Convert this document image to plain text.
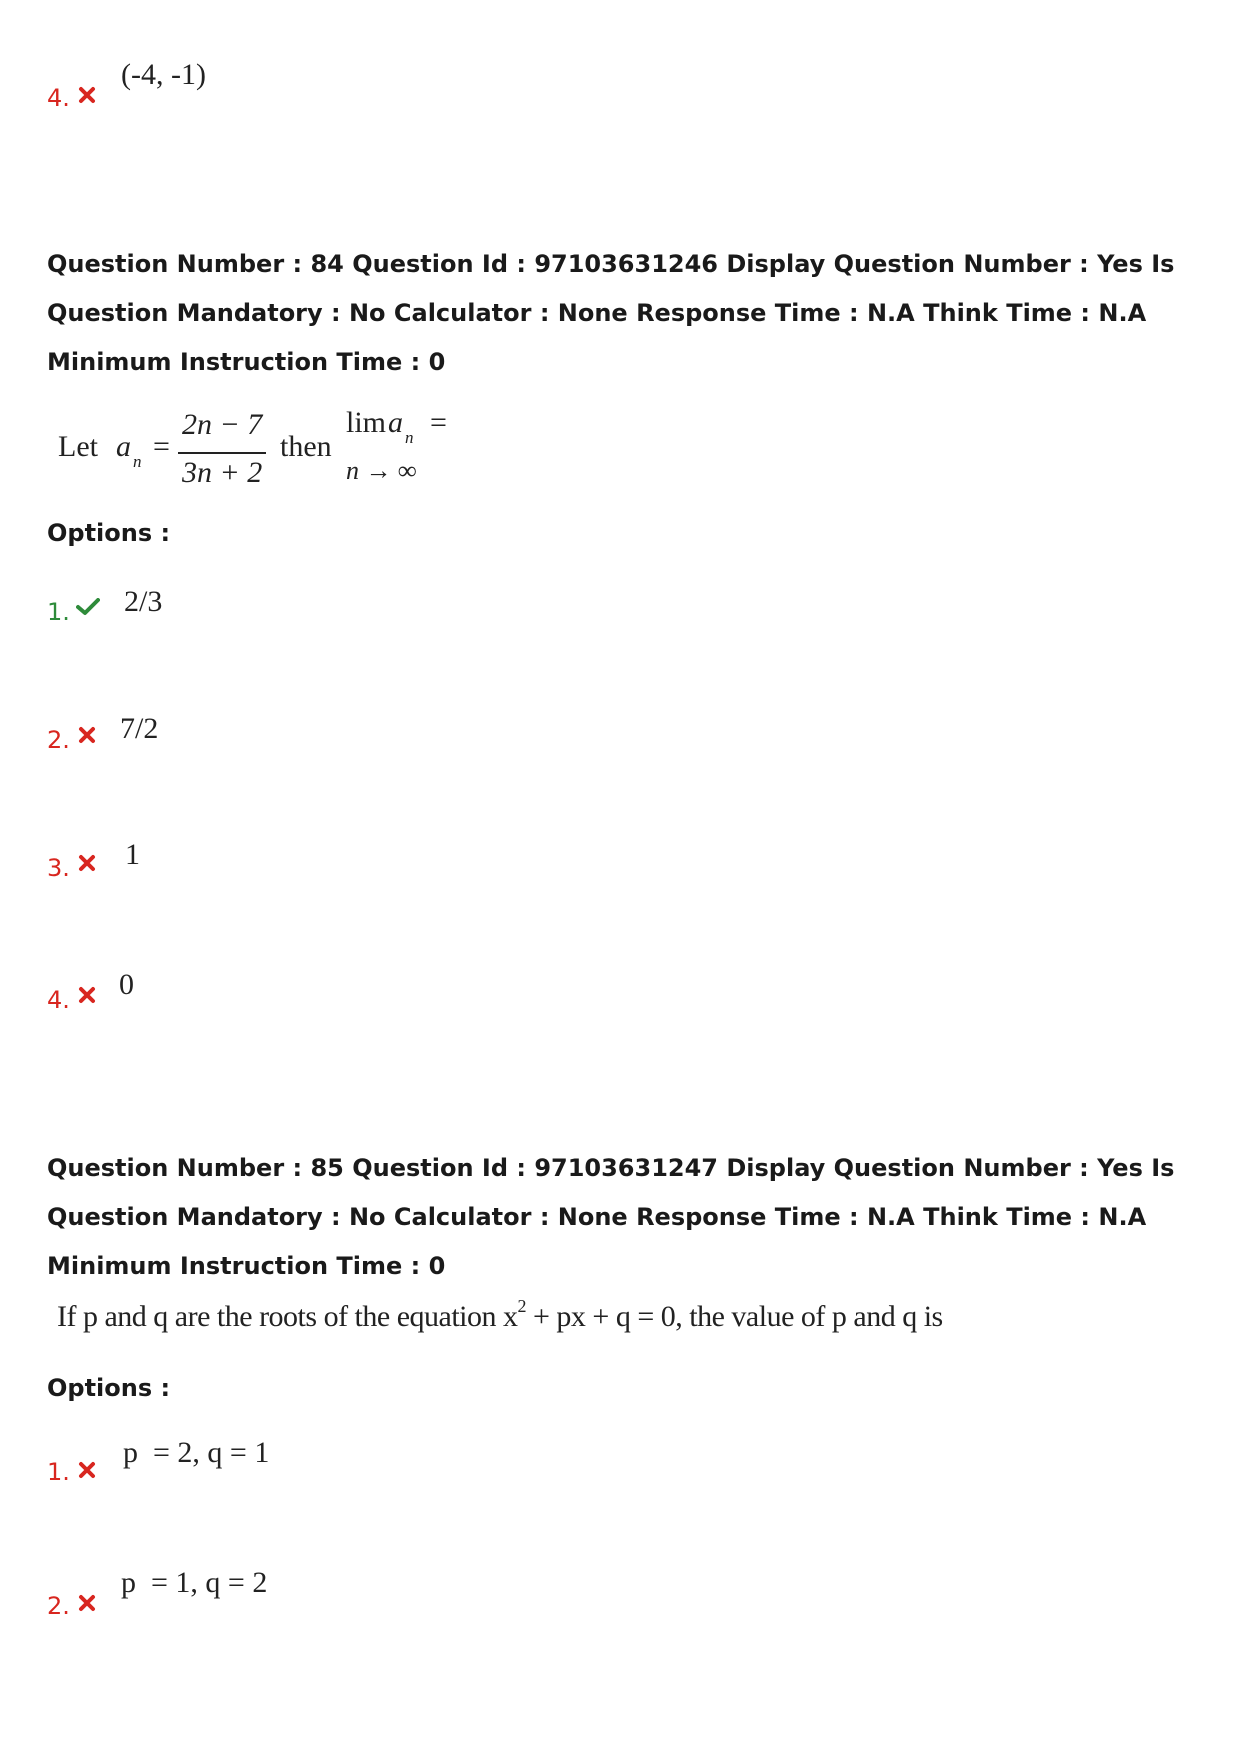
4.
(-4, -1)
Question Number : 84 Question Id : 97103631246 Display Question Number : Yes Is Question Mandatory : No Calculator : None Response Time : N.A Think Time : N.A Minimum Instruction Time : 0
Let a n =
2n − 7
3n + 2
then
lim a n =
n → ∞
Options :
1. 2/3
2. 7/2
3. 1
4. 0
Question Number : 85 Question Id : 97103631247 Display Question Number : Yes Is Question Mandatory : No Calculator : None Response Time : N.A Think Time : N.A Minimum Instruction Time : 0
If p and q are the roots of the equation $x^2$ + px + q = 0, the value of p and q is
Options :
1.
p  = 2, q = 1
2.
p  = 1, q = 2
